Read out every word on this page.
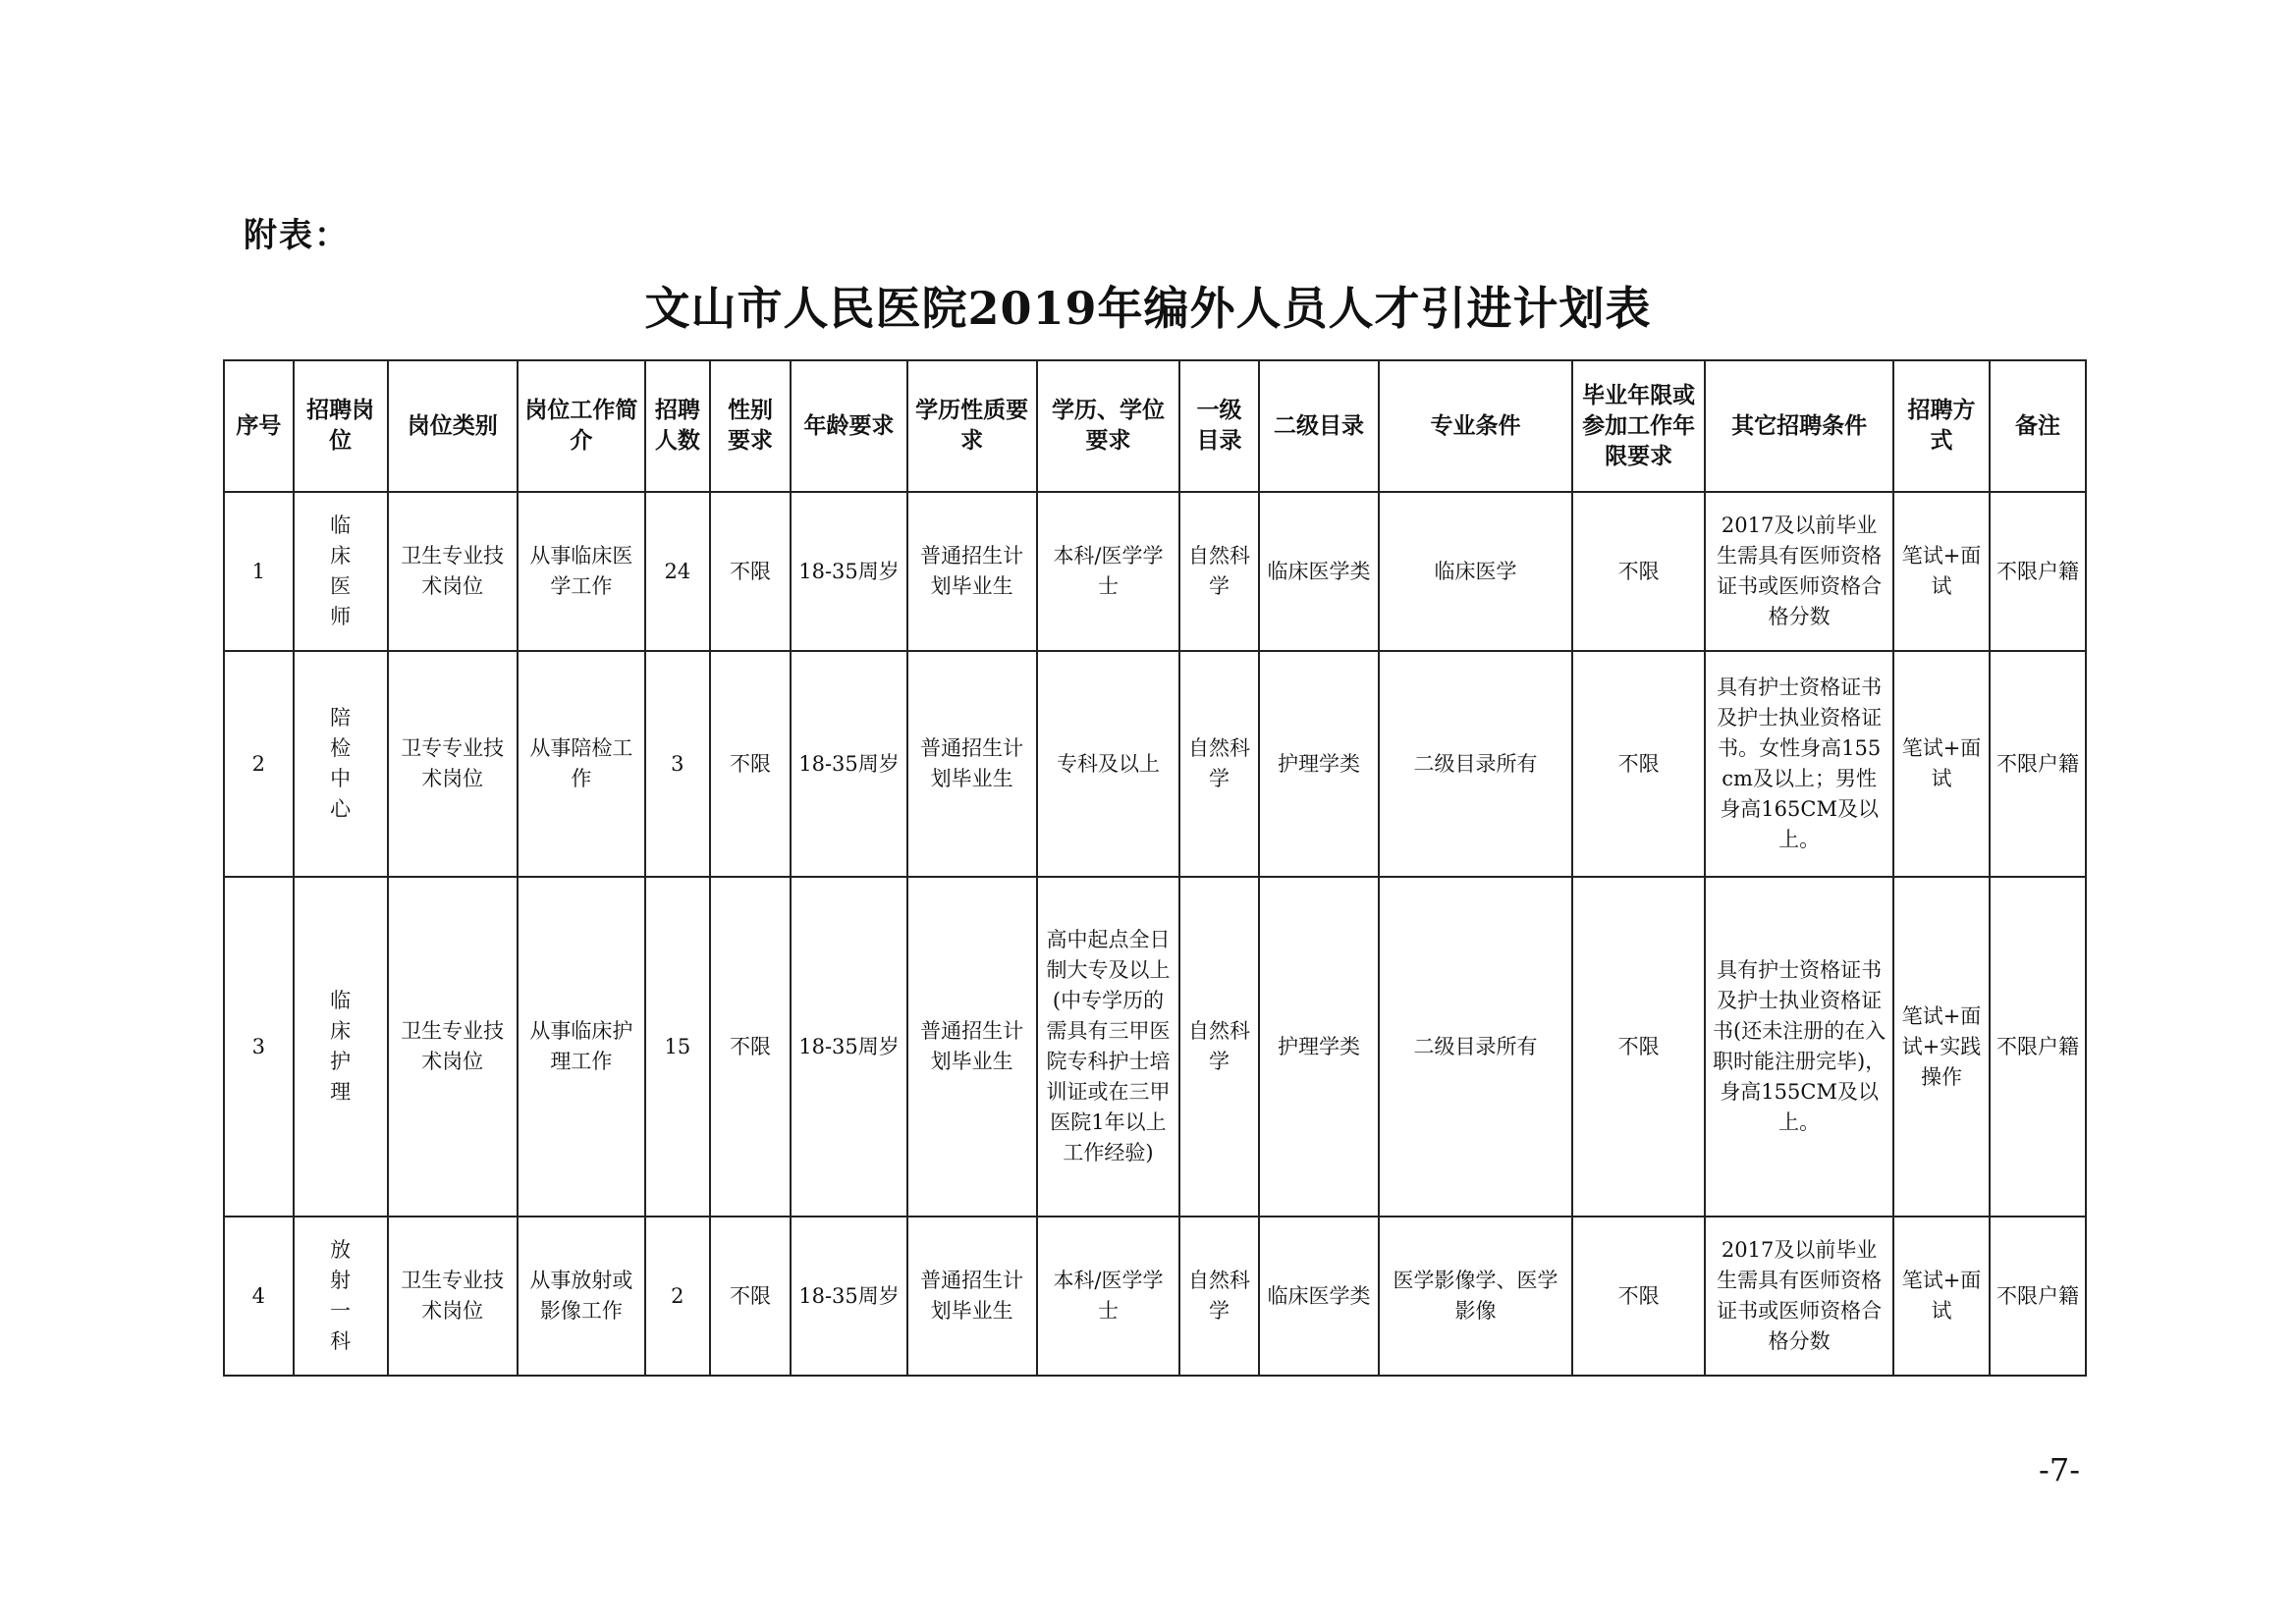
附表：
文山市人民医院2019年编外人员人才引进计划表
序号	招聘岗位	岗位类别	岗位工作简介	招聘人数	性别要求	年龄要求	学历性质要求	学历、学位要求	一级目录	二级目录	专业条件	毕业年限或参加工作年限要求	其它招聘条件	招聘方式	备注
1	临床医师	卫生专业技术岗位	从事临床医学工作	24	不限	18-35周岁	普通招生计划毕业生	本科/医学学士	自然科学	临床医学类	临床医学	不限	2017及以前毕业生需具有医师资格证书或医师资格合格分数	笔试+面试	不限户籍
2	陪检中心	卫专专业技术岗位	从事陪检工作	3	不限	18-35周岁	普通招生计划毕业生	专科及以上	自然科学	护理学类	二级目录所有	不限	具有护士资格证书及护士执业资格证书。女性身高155cm及以上；男性身高165CM及以上。	笔试+面试	不限户籍
3	临床护理	卫生专业技术岗位	从事临床护理工作	15	不限	18-35周岁	普通招生计划毕业生	高中起点全日制大专及以上(中专学历的需具有三甲医院专科护士培训证或在三甲医院1年以上工作经验)	自然科学	护理学类	二级目录所有	不限	具有护士资格证书及护士执业资格证书(还未注册的在入职时能注册完毕)，身高155CM及以上。	笔试+面试+实践操作	不限户籍
4	放射一科	卫生专业技术岗位	从事放射或影像工作	2	不限	18-35周岁	普通招生计划毕业生	本科/医学学士	自然科学	临床医学类	医学影像学、医学影像	不限	2017及以前毕业生需具有医师资格证书或医师资格合格分数	笔试+面试	不限户籍
-7-
